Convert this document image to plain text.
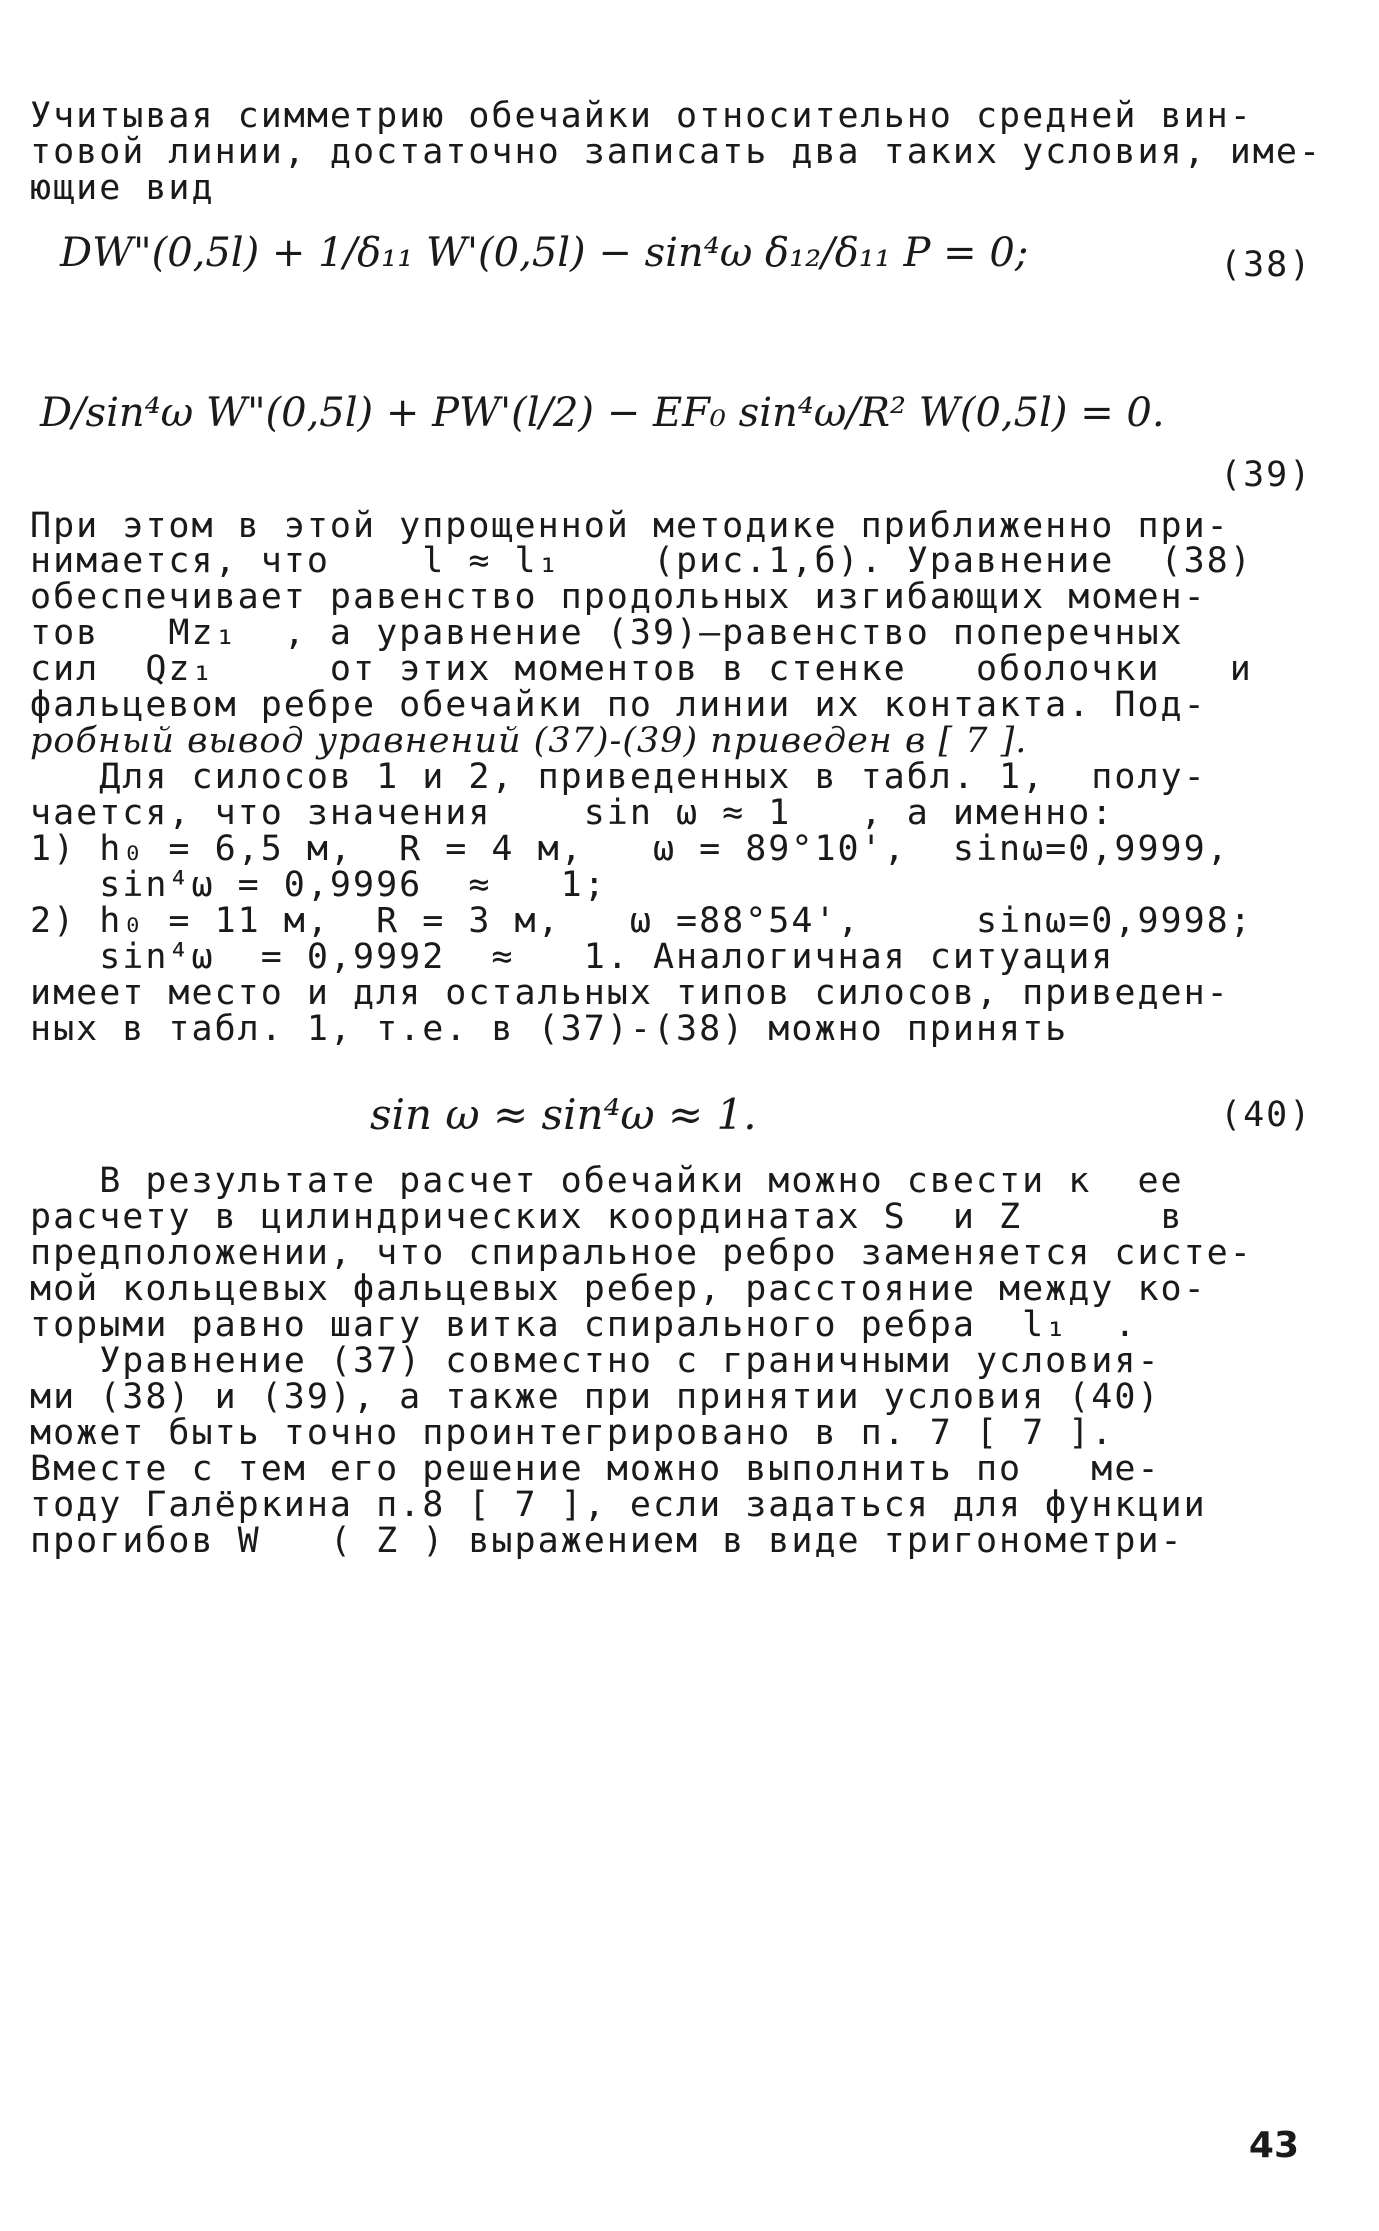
Учитывая симметрию обечайки относительно средней вин-
товой линии, достаточно записать два таких условия, име-
ющие вид
DW"(0,5l) + 1/δ₁₁ W'(0,5l) − sin⁴ω δ₁₂/δ₁₁ P = 0;	(38)
D/sin⁴ω W"(0,5l) + PW'(l/2) − EF₀ sin⁴ω/R² W(0,5l) = 0.
(39)
При этом в этой упрощенной методике приближенно при-
нимается, что    l ≈ l₁    (рис.1,б). Уравнение  (38)
обеспечивает равенство продольных изгибающих момен-
тов   Mz₁  , а уравнение (39)–равенство поперечных
сил  Qz₁     от этих моментов в стенке   оболочки   и
фальцевом ребре обечайки по линии их контакта. Под-
робный вывод уравнений (37)-(39) приведен в [ 7 ].
Для силосов 1 и 2, приведенных в табл. 1,  полу-
чается, что значения    sin ω ≈ 1   , а именно:
1) h₀ = 6,5 м,  R = 4 м,   ω = 89°10',  sinω=0,9999,
sin⁴ω = 0,9996  ≈   1;
2) h₀ = 11 м,  R = 3 м,   ω =88°54',     sinω=0,9998;
sin⁴ω  = 0,9992  ≈   1. Аналогичная ситуация
имеет место и для остальных типов силосов, приведен-
ных в табл. 1, т.е. в (37)-(38) можно принять
sin ω ≈ sin⁴ω ≈ 1.	(40)
В результате расчет обечайки можно свести к  ее
расчету в цилиндрических координатах S  и Z      в
предположении, что спиральное ребро заменяется систе-
мой кольцевых фальцевых ребер, расстояние между ко-
торыми равно шагу витка спирального ребра  l₁  .
Уравнение (37) совместно с граничными условия-
ми (38) и (39), а также при принятии условия (40)
может быть точно проинтегрировано в п. 7 [ 7 ].
Вместе с тем его решение можно выполнить по   ме-
тоду Галёркина п.8 [ 7 ], если задаться для функции
прогибов W   ( Z ) выражением в виде тригонометри-
43
